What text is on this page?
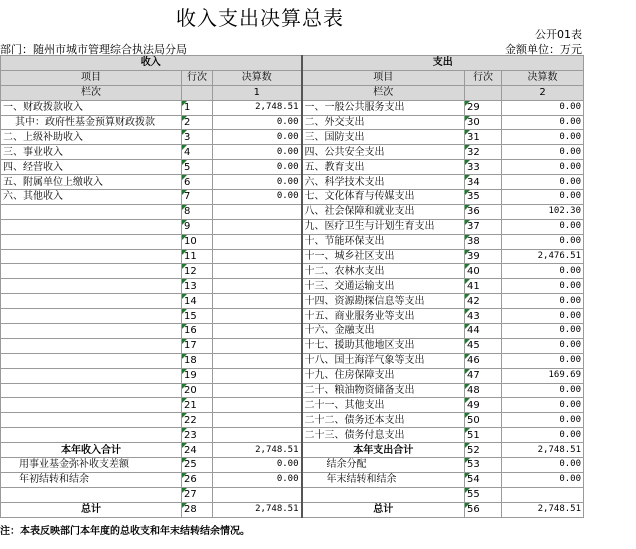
收入支出决算总表
公开01表
部门：随州市城市管理综合执法局分局	金额单位：万元
收入			支出		
项目	行次	决算数	项目	行次	决算数
栏次		1	栏次		2
一、财政拨款收入	1	2,748.51	一、一般公共服务支出	29	0.00
其中：政府性基金预算财政拨款	2	0.00	二、外交支出	30	0.00
二、上级补助收入	3	0.00	三、国防支出	31	0.00
三、事业收入	4	0.00	四、公共安全支出	32	0.00
四、经营收入	5	0.00	五、教育支出	33	0.00
五、附属单位上缴收入	6	0.00	六、科学技术支出	34	0.00
六、其他收入	7	0.00	七、文化体育与传媒支出	35	0.00
	8		八、社会保障和就业支出	36	102.30
	9		九、医疗卫生与计划生育支出	37	0.00
	10		十、节能环保支出	38	0.00
	11		十一、城乡社区支出	39	2,476.51
	12		十二、农林水支出	40	0.00
	13		十三、交通运输支出	41	0.00
	14		十四、资源勘探信息等支出	42	0.00
	15		十五、商业服务业等支出	43	0.00
	16		十六、金融支出	44	0.00
	17		十七、援助其他地区支出	45	0.00
	18		十八、国土海洋气象等支出	46	0.00
	19		十九、住房保障支出	47	169.69
	20		二十、粮油物资储备支出	48	0.00
	21		二十一、其他支出	49	0.00
	22		二十二、债务还本支出	50	0.00
	23		二十三、债务付息支出	51	0.00
本年收入合计	24	2,748.51	本年支出合计	52	2,748.51
用事业基金弥补收支差额	25	0.00	结余分配	53	0.00
年初结转和结余	26	0.00	年末结转和结余	54	0.00
	27			55	
总计	28	2,748.51	总计	56	2,748.51
注：本表反映部门本年度的总收支和年末结转结余情况。
